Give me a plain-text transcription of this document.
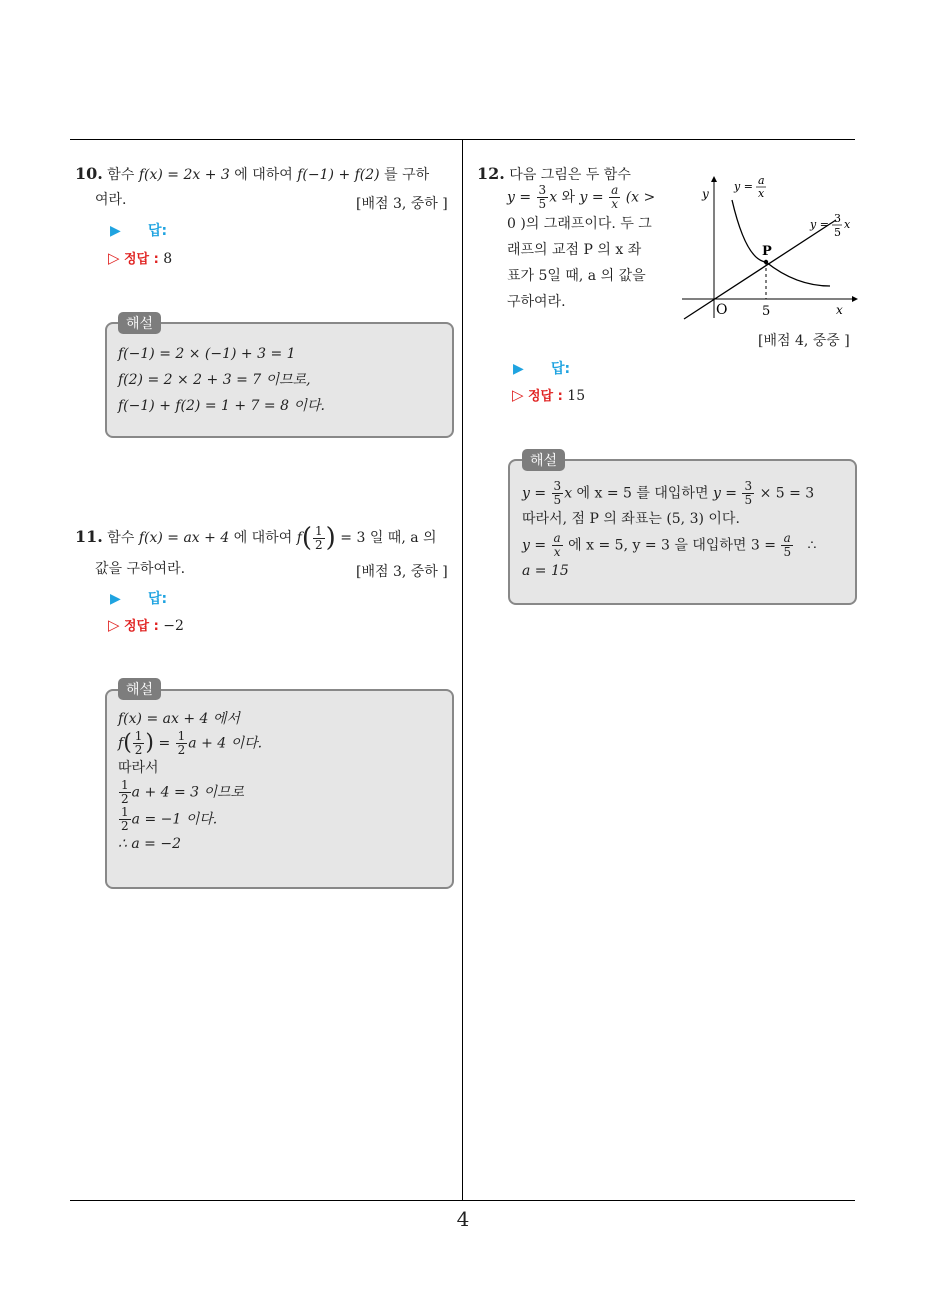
4
10. 함수 f(x) = 2x + 3 에 대하여 f(−1) + f(2) 를 구하
여라.	[배점 3, 중하 ]
▶ 답:
▷ 정답 : 8
해설
f(−1) = 2 × (−1) + 3 = 1
f(2) = 2 × 2 + 3 = 7 이므로,
f(−1) + f(2) = 1 + 7 = 8 이다.
11. 함수 f(x) = ax + 4 에 대하여 $f( \frac{1}{2}$ ) = 3 일 때, a 의
값을 구하여라.	[배점 3, 중하 ]
▶ 답:
▷ 정답 : −2
해설
f(x) = ax + 4 에서
$f( \frac{1}{2}$ ) = $\frac{1}{2}$ a + 4 이다.
따라서
$\frac{1}{2}$ a + 4 = 3 이므로
$\frac{1}{2}$ a = −1 이다.
∴ a = −2
12. 다음 그림은 두 함수
$y = \frac{3}{5}$ x 와 $y = \frac{a}{x} (x$ >
0 )의 그래프이다. 두 그
래프의 교점 P 의 x 좌
표가 5일 때, a 의 값을
구하여라.
y
x
O	5
P
y = a
x
y = 3
5
x
[배점 4, 중중 ]
▶ 답:
▷ 정답 : 15
해설
$y = \frac{3}{5}$ x 에 x = 5 를 대입하면 $y = \frac{3}{5} \times 5 = 3$
따라서, 점 P 의 좌표는 (5, 3) 이다.
$y = \frac{a}{x}$ 에 x = 5, y = 3 을 대입하면 $3 = \frac{a}{5}$ ∴
a = 15
